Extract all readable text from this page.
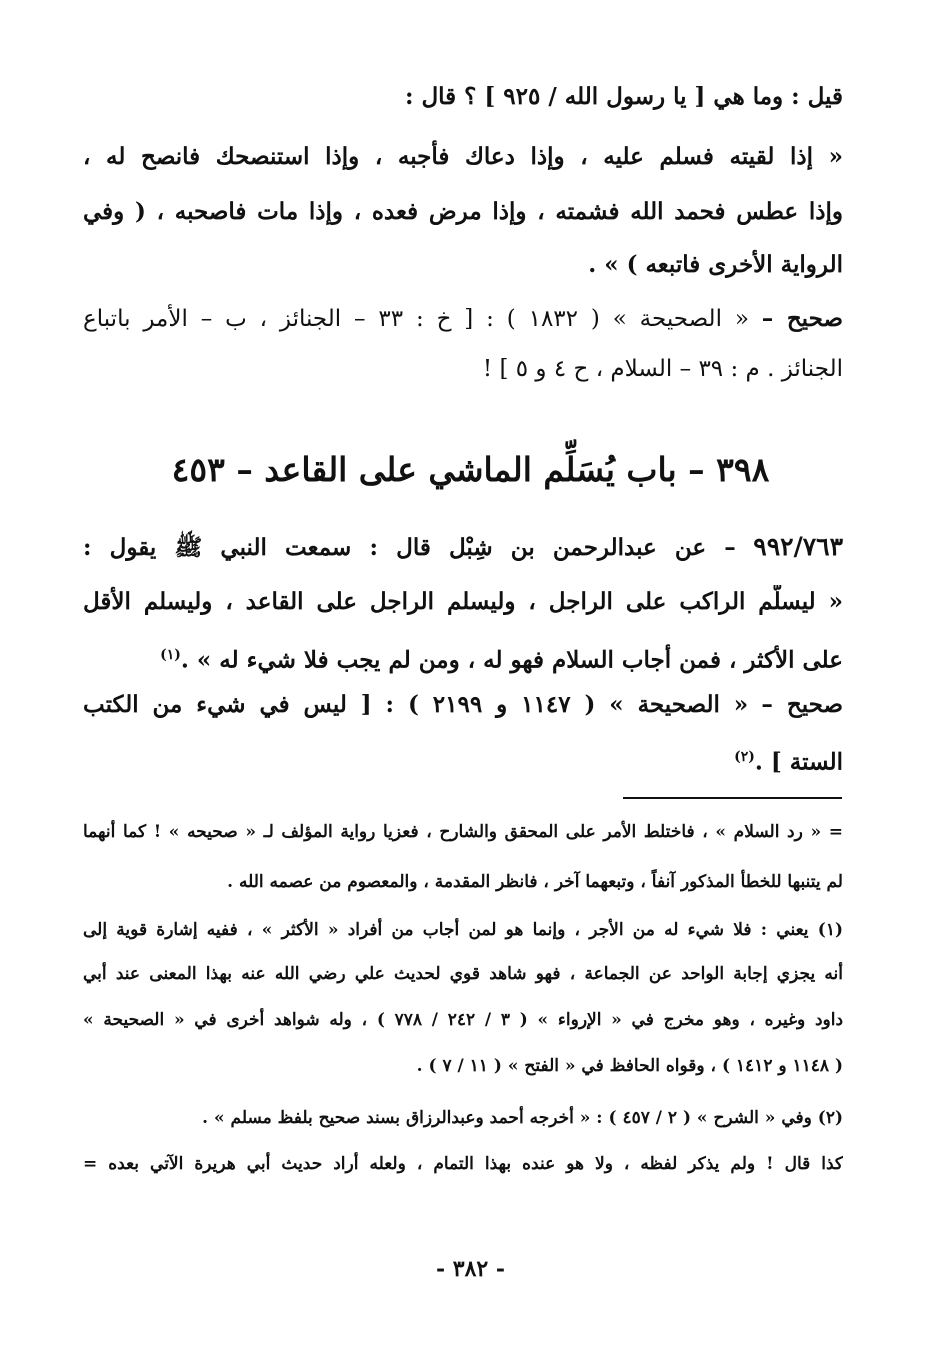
قيل : وما هي [ يا رسول الله / ٩٢٥ ] ؟ قال :
« إذا لقيته فسلم عليه ، وإذا دعاك فأجبه ، وإذا استنصحك فانصح له ،
وإذا عطس فحمد الله فشمته ، وإذا مرض فعده ، وإذا مات فاصحبه ، ( وفي
الرواية الأخرى فاتبعه ) » .
صحيح – « الصحيحة » ( ١٨٣٢ ) : [ خ : ٣٣ – الجنائز ، ب – الأمر باتباع
الجنائز . م : ٣٩ – السلام ، ح ٤ و ٥ ] !
٣٩٨ – باب يُسَلِّم الماشي على القاعد – ٤٥٣
٩٩٢/٧٦٣ – عن عبدالرحمن بن شِبْل قال : سمعت النبي ﷺ يقول :
« ليسلّم الراكب على الراجل ، وليسلم الراجل على القاعد ، وليسلم الأقل
على الأكثر ، فمن أجاب السلام فهو له ، ومن لم يجب فلا شيء له » .$^{(١)}$
صحيح – « الصحيحة » ( ١١٤٧ و ٢١٩٩ ) : [ ليس في شيء من الكتب
الستة ] .$^{(٢)}$
= « رد السلام » ، فاختلط الأمر على المحقق والشارح ، فعزيا رواية المؤلف لـ « صحيحه » ! كما أنهما
لم يتنبها للخطأ المذكور آنفاً ، وتبعهما آخر ، فانظر المقدمة ، والمعصوم من عصمه الله .
(١) يعني : فلا شيء له من الأجر ، وإنما هو لمن أجاب من أفراد « الأكثر » ، ففيه إشارة قوية إلى
أنه يجزي إجابة الواحد عن الجماعة ، فهو شاهد قوي لحديث علي رضي الله عنه بهذا المعنى عند أبي
داود وغيره ، وهو مخرج في « الإرواء » ( ٣ / ٢٤٢ / ٧٧٨ ) ، وله شواهد أخرى في « الصحيحة »
( ١١٤٨ و ١٤١٢ ) ، وقواه الحافظ في « الفتح » ( ١١ / ٧ ) .
(٢) وفي « الشرح » ( ٢ / ٤٥٧ ) : « أخرجه أحمد وعبدالرزاق بسند صحيح بلفظ مسلم » .
كذا قال ! ولم يذكر لفظه ، ولا هو عنده بهذا التمام ، ولعله أراد حديث أبي هريرة الآتي بعده =
- ٣٨٢ -
